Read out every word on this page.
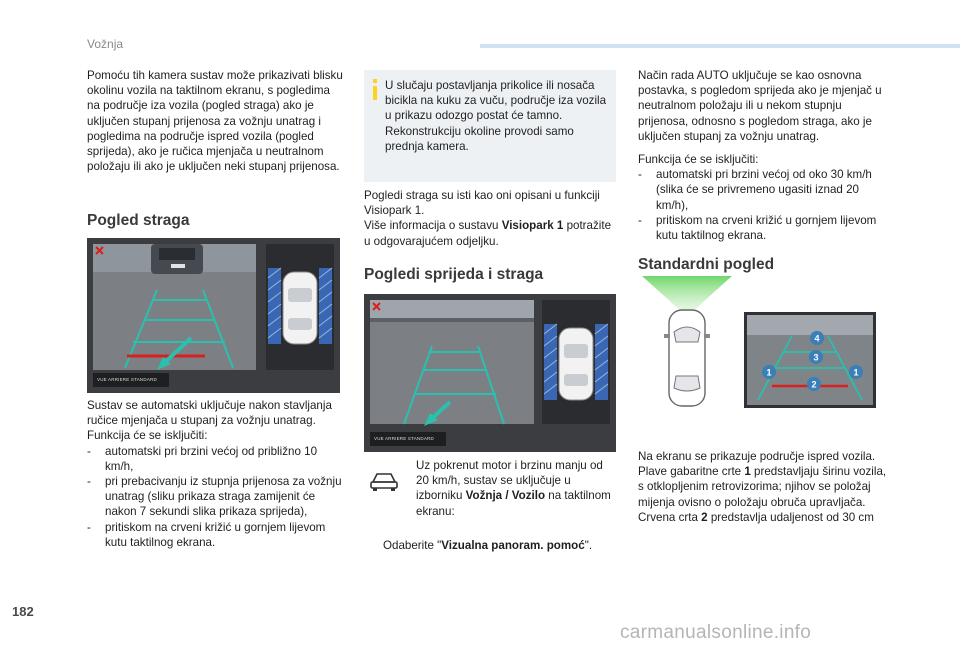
Vožnja
Pomoću tih kamera sustav može prikazivati blisku okolinu vozila na taktilnom ekranu, s pogledima na područje iza vozila (pogled straga) ako je uključen stupanj prijenosa za vožnju unatrag i pogledima na područje ispred vozila (pogled sprijeda), ako je ručica mjenjača u neutralnom položaju ili ako je uključen neki stupanj prijenosa.
Pogled straga
VUE ARRIERE STANDARD

Sustav se automatski uključuje nakon stavljanja ručice mjenjača u stupanj za vožnju unatrag.

Funkcija će se isključiti:

- automatski pri brzini većoj od približno 10 km/h,
- pri prebacivanju iz stupnja prijenosa za vožnju unatrag (sliku prikaza straga zamijenit će nakon 7 sekundi slika prikaza sprijeda),
- pritiskom na crveni križić u gornjem lijevom kutu taktilnog ekrana.
U slučaju postavljanja prikolice ili nosača bicikla na kuku za vuču, područje iza vozila u prikazu odozgo postat će tamno. Rekonstrukciju okoline provodi samo prednja kamera.

Pogledi straga su isti kao oni opisani u funkciji Visiopark 1.

Više informacija o sustavu Visiopark 1 potražite u odgovarajućem odjeljku.

Pogledi sprijeda i straga
VUE ARRIERE STANDARD
Uz pokrenut motor i brzinu manju od 20 km/h, sustav se uključuje u izborniku Vožnja / Vozilo na taktilnom ekranu:
Odaberite "Vizualna panoram. pomoć".

Način rada AUTO uključuje se kao osnovna postavka, s pogledom sprijeda ako je mjenjač u neutralnom položaju ili u nekom stupnju prijenosa, odnosno s pogledom straga, ako je uključen stupanj za vožnju unatrag.

Funkcija će se isključiti:

- automatski pri brzini većoj od oko 30 km/h (slika će se privremeno ugasiti iznad 20 km/h),
- pritiskom na crveni križić u gornjem lijevom kutu taktilnog ekrana.
Standardni pogled
1	1
2
3
4

Na ekranu se prikazuje područje ispred vozila.

Plave gabaritne crte 1 predstavljaju širinu vozila, s otklopljenim retrovizorima; njihov se položaj mijenja ovisno o položaju obruča upravljača.

Crvena crta 2 predstavlja udaljenost od 30 cm

182
carmanualsonline.info
